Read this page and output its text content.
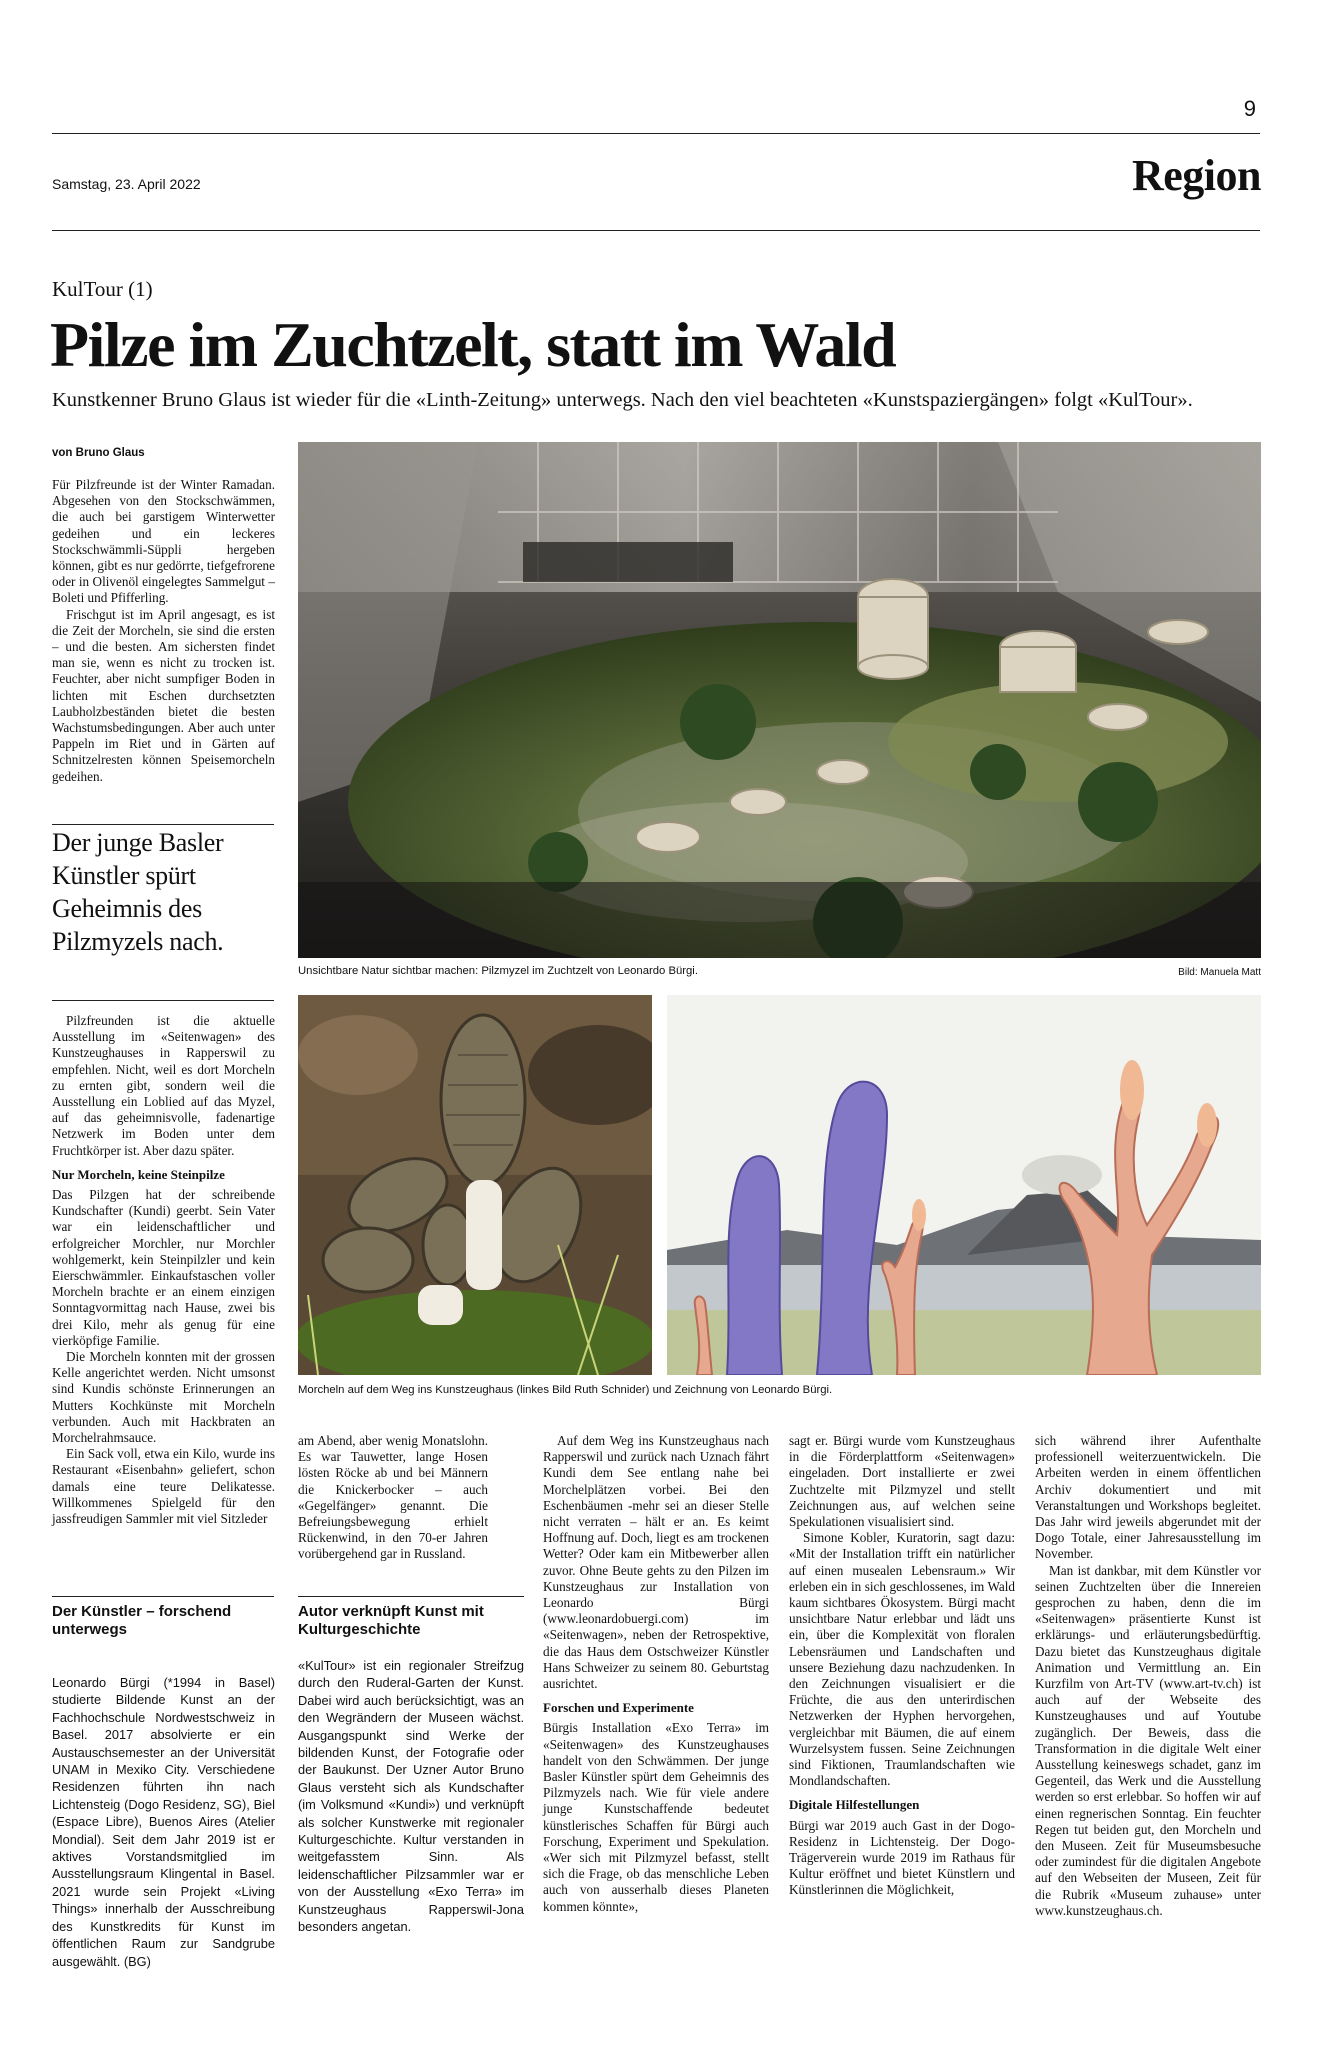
9
Samstag, 23. April 2022	Region
KulTour (1)
Pilze im Zuchtzelt, statt im Wald
Kunstkenner Bruno Glaus ist wieder für die «Linth-Zeitung» unterwegs. Nach den viel beachteten «Kunstspaziergängen» folgt «KulTour».
von Bruno Glaus

Für Pilzfreunde ist der Winter Ramadan. Abgesehen von den Stockschwämmen, die auch bei garstigem Winterwetter gedeihen und ein leckeres Stockschwämmli-Süppli hergeben können, gibt es nur gedörrte, tiefgefrorene oder in Olivenöl eingelegtes Sammelgut – Boleti und Pfifferling.

Frischgut ist im April angesagt, es ist die Zeit der Morcheln, sie sind die ersten – und die besten. Am sichersten findet man sie, wenn es nicht zu trocken ist. Feuchter, aber nicht sumpfiger Boden in lichten mit Eschen durchsetzten Laubholzbeständen bietet die besten Wachstumsbedingungen. Aber auch unter Pappeln im Riet und in Gärten auf Schnitzelresten können Speisemorcheln gedeihen.

Der junge Basler Künstler spürt Geheimnis des Pilzmyzels nach.

Pilzfreunden ist die aktuelle Ausstellung im «Seitenwagen» des Kunstzeughauses in Rapperswil zu empfehlen. Nicht, weil es dort Morcheln zu ernten gibt, sondern weil die Ausstellung ein Loblied auf das Myzel, auf das geheimnisvolle, fadenartige Netzwerk im Boden unter dem Fruchtkörper ist. Aber dazu später.

Nur Morcheln, keine Steinpilze

Das Pilzgen hat der schreibende Kundschafter (Kundi) geerbt. Sein Vater war ein leidenschaftlicher und erfolgreicher Morchler, nur Morchler wohlgemerkt, kein Steinpilzler und kein Eierschwämmler. Einkaufstaschen voller Morcheln brachte er an einem einzigen Sonntagvormittag nach Hause, zwei bis drei Kilo, mehr als genug für eine vierköpfige Familie.

Die Morcheln konnten mit der grossen Kelle angerichtet werden. Nicht umsonst sind Kundis schönste Erinnerungen an Mutters Kochkünste mit Morcheln verbunden. Auch mit Hackbraten an Morchelrahmsauce.

Ein Sack voll, etwa ein Kilo, wurde ins Restaurant «Eisenbahn» geliefert, schon damals eine teure Delikatesse. Willkommenes Spielgeld für den jassfreudigen Sammler mit viel Sitzleder

Unsichtbare Natur sichtbar machen: Pilzmyzel im Zuchtzelt von Leonardo Bürgi.	Bild: Manuela Matt
Morcheln auf dem Weg ins Kunstzeughaus (linkes Bild Ruth Schnider) und Zeichnung von Leonardo Bürgi.

am Abend, aber wenig Monatslohn. Es war Tauwetter, lange Hosen lösten Röcke ab und bei Männern die Knickerbocker – auch «Gegelfänger» genannt. Die Befreiungsbewegung erhielt Rückenwind, in den 70-er Jahren vorübergehend gar in Russland.

Auf dem Weg ins Kunstzeughaus nach Rapperswil und zurück nach Uznach fährt Kundi dem See entlang nahe bei Morchelplätzen vorbei. Bei den Eschenbäumen -mehr sei an dieser Stelle nicht verraten – hält er an. Es keimt Hoffnung auf. Doch, liegt es am trockenen Wetter? Oder kam ein Mitbewerber allen zuvor. Ohne Beute gehts zu den Pilzen im Kunstzeughaus zur Installation von Leonardo Bürgi (www.leonardobuergi.com) im «Seitenwagen», neben der Retrospektive, die das Haus dem Ostschweizer Künstler Hans Schweizer zu seinem 80. Geburtstag ausrichtet.

Forschen und Experimente

Bürgis Installation «Exo Terra» im «Seitenwagen» des Kunstzeughauses handelt von den Schwämmen. Der junge Basler Künstler spürt dem Geheimnis des Pilzmyzels nach. Wie für viele andere junge Kunstschaffende bedeutet künstlerisches Schaffen für Bürgi auch Forschung, Experiment und Spekulation. «Wer sich mit Pilzmyzel befasst, stellt sich die Frage, ob das menschliche Leben auch von ausserhalb dieses Planeten kommen könnte»,

sagt er. Bürgi wurde vom Kunstzeughaus in die Förderplattform «Seitenwagen» eingeladen. Dort installierte er zwei Zuchtzelte mit Pilzmyzel und stellt Zeichnungen aus, auf welchen seine Spekulationen visualisiert sind.

Simone Kobler, Kuratorin, sagt dazu: «Mit der Installation trifft ein natürlicher auf einen musealen Lebensraum.» Wir erleben ein in sich geschlossenes, im Wald kaum sichtbares Ökosystem. Bürgi macht unsichtbare Natur erlebbar und lädt uns ein, über die Komplexität von floralen Lebensräumen und Landschaften und unsere Beziehung dazu nachzudenken. In den Zeichnungen visualisiert er die Früchte, die aus den unterirdischen Netzwerken der Hyphen hervorgehen, vergleichbar mit Bäumen, die auf einem Wurzelsystem fussen. Seine Zeichnungen sind Fiktionen, Traumlandschaften wie Mondlandschaften.

Digitale Hilfestellungen

Bürgi war 2019 auch Gast in der Dogo-Residenz in Lichtensteig. Der Dogo-Trägerverein wurde 2019 im Rathaus für Kultur eröffnet und bietet Künstlern und Künstlerinnen die Möglichkeit,

sich während ihrer Aufenthalte professionell weiterzuentwickeln. Die Arbeiten werden in einem öffentlichen Archiv dokumentiert und mit Veranstaltungen und Workshops begleitet. Das Jahr wird jeweils abgerundet mit der Dogo Totale, einer Jahresausstellung im November.

Man ist dankbar, mit dem Künstler vor seinen Zuchtzelten über die Innereien gesprochen zu haben, denn die im «Seitenwagen» präsentierte Kunst ist erklärungs- und erläuterungsbedürftig. Dazu bietet das Kunstzeughaus digitale Animation und Vermittlung an. Ein Kurzfilm von Art-TV (www.art-tv.ch) ist auch auf der Webseite des Kunstzeughauses und auf Youtube zugänglich. Der Beweis, dass die Transformation in die digitale Welt einer Ausstellung keineswegs schadet, ganz im Gegenteil, das Werk und die Ausstellung werden so erst erlebbar. So hoffen wir auf einen regnerischen Sonntag. Ein feuchter Regen tut beiden gut, den Morcheln und den Museen. Zeit für Museumsbesuche oder zumindest für die digitalen Angebote auf den Webseiten der Museen, Zeit für die Rubrik «Museum zuhause» unter www.kunstzeughaus.ch.

Der Künstler – forschend unterwegs
Leonardo Bürgi (*1994 in Basel) studierte Bildende Kunst an der Fachhochschule Nordwestschweiz in Basel. 2017 absolvierte er ein Austauschsemester an der Universität UNAM in Mexiko City. Verschiedene Residenzen führten ihn nach Lichtensteig (Dogo Residenz, SG), Biel (Espace Libre), Buenos Aires (Atelier Mondial). Seit dem Jahr 2019 ist er aktives Vorstandsmitglied im Ausstellungsraum Klingental in Basel. 2021 wurde sein Projekt «Living Things» innerhalb der Ausschreibung des Kunstkredits für Kunst im öffentlichen Raum zur Sandgrube ausgewählt. (BG)
Autor verknüpft Kunst mit Kulturgeschichte
«KulTour» ist ein regionaler Streifzug durch den Ruderal-Garten der Kunst. Dabei wird auch berücksichtigt, was an den Wegrändern der Museen wächst. Ausgangspunkt sind Werke der bildenden Kunst, der Fotografie oder der Baukunst. Der Uzner Autor Bruno Glaus versteht sich als Kundschafter (im Volksmund «Kundi») und verknüpft als solcher Kunstwerke mit regionaler Kulturgeschichte. Kultur verstanden in weitgefasstem Sinn. Als leidenschaftlicher Pilzsammler war er von der Ausstellung «Exo Terra» im Kunstzeughaus Rapperswil-Jona besonders angetan.
